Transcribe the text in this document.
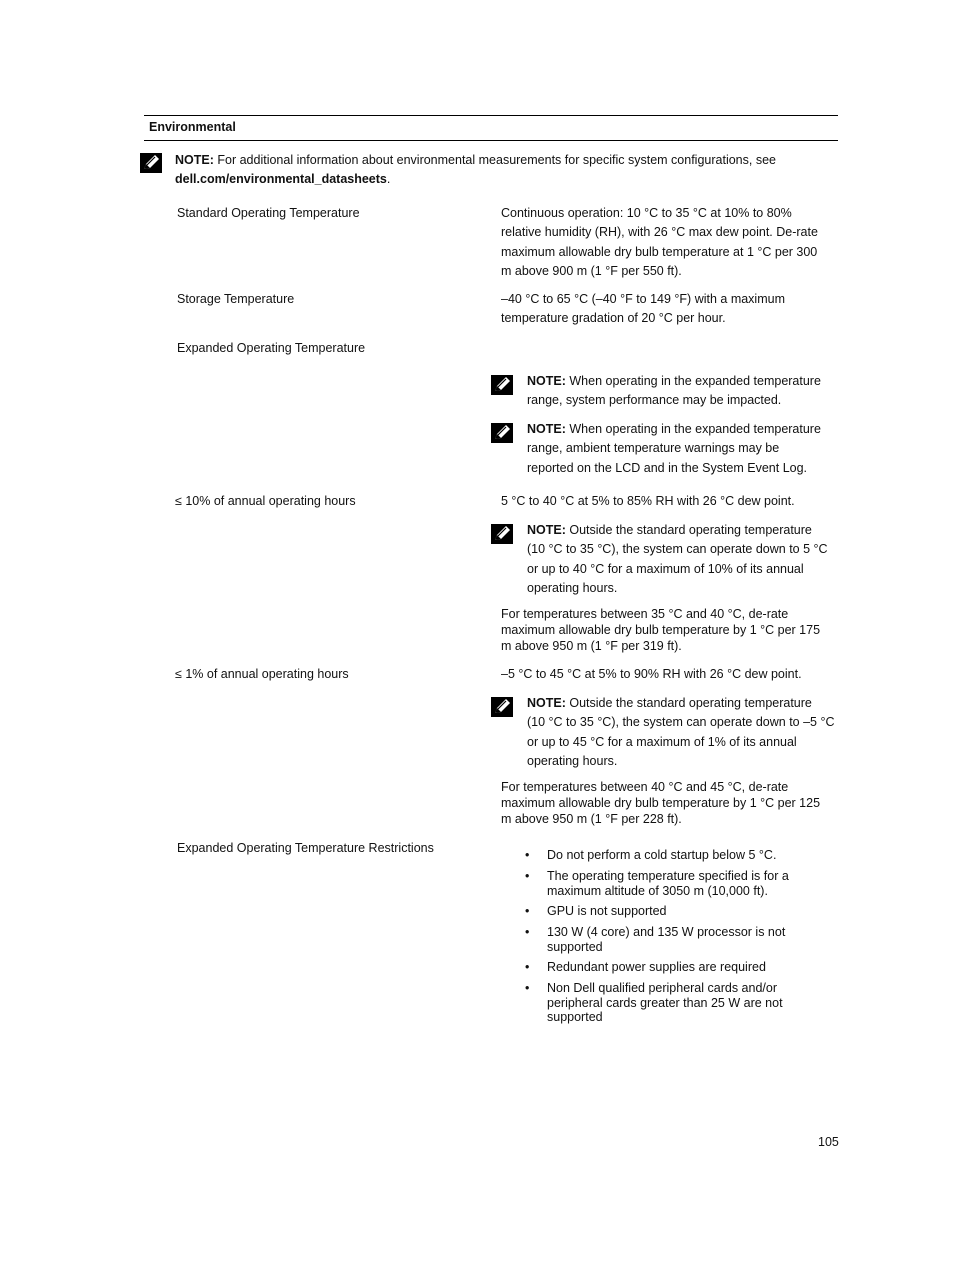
Environmental
NOTE: For additional information about environmental measurements for specific system configurations, see
dell.com/environmental_datasheets.
Standard Operating Temperature	Continuous operation: 10 °C to 35 °C at 10% to 80%
relative humidity (RH), with 26 °C max dew point. De-rate
maximum allowable dry bulb temperature at 1 °C per 300
m above 900 m (1 °F per 550 ft).
Storage Temperature	–40 °C to 65 °C (–40 °F to 149 °F) with a maximum
temperature gradation of 20 °C per hour.
Expanded Operating Temperature
NOTE: When operating in the expanded temperature
range, system performance may be impacted.
NOTE: When operating in the expanded temperature
range, ambient temperature warnings may be
reported on the LCD and in the System Event Log.
≤ 10% of annual operating hours	5 °C to 40 °C at 5% to 85% RH with 26 °C dew point.
NOTE: Outside the standard operating temperature
(10 °C to 35 °C), the system can operate down to 5 °C
or up to 40 °C for a maximum of 10% of its annual
operating hours.
For temperatures between 35 °C and 40 °C, de-rate
maximum allowable dry bulb temperature by 1 °C per 175
m above 950 m (1 °F per 319 ft).
≤ 1% of annual operating hours	–5 °C to 45 °C at 5% to 90% RH with 26 °C dew point.
NOTE: Outside the standard operating temperature
(10 °C to 35 °C), the system can operate down to –5 °C
or up to 45 °C for a maximum of 1% of its annual
operating hours.
For temperatures between 40 °C and 45 °C, de-rate
maximum allowable dry bulb temperature by 1 °C per 125
m above 950 m (1 °F per 228 ft).
Expanded Operating Temperature Restrictions	• Do not perform a cold startup below 5 °C.
• The operating temperature specified is for a
maximum altitude of 3050 m (10,000 ft).
• GPU is not supported
• 130 W (4 core) and 135 W processor is not
supported
• Redundant power supplies are required
• Non Dell qualified peripheral cards and/or
peripheral cards greater than 25 W are not
supported
105
